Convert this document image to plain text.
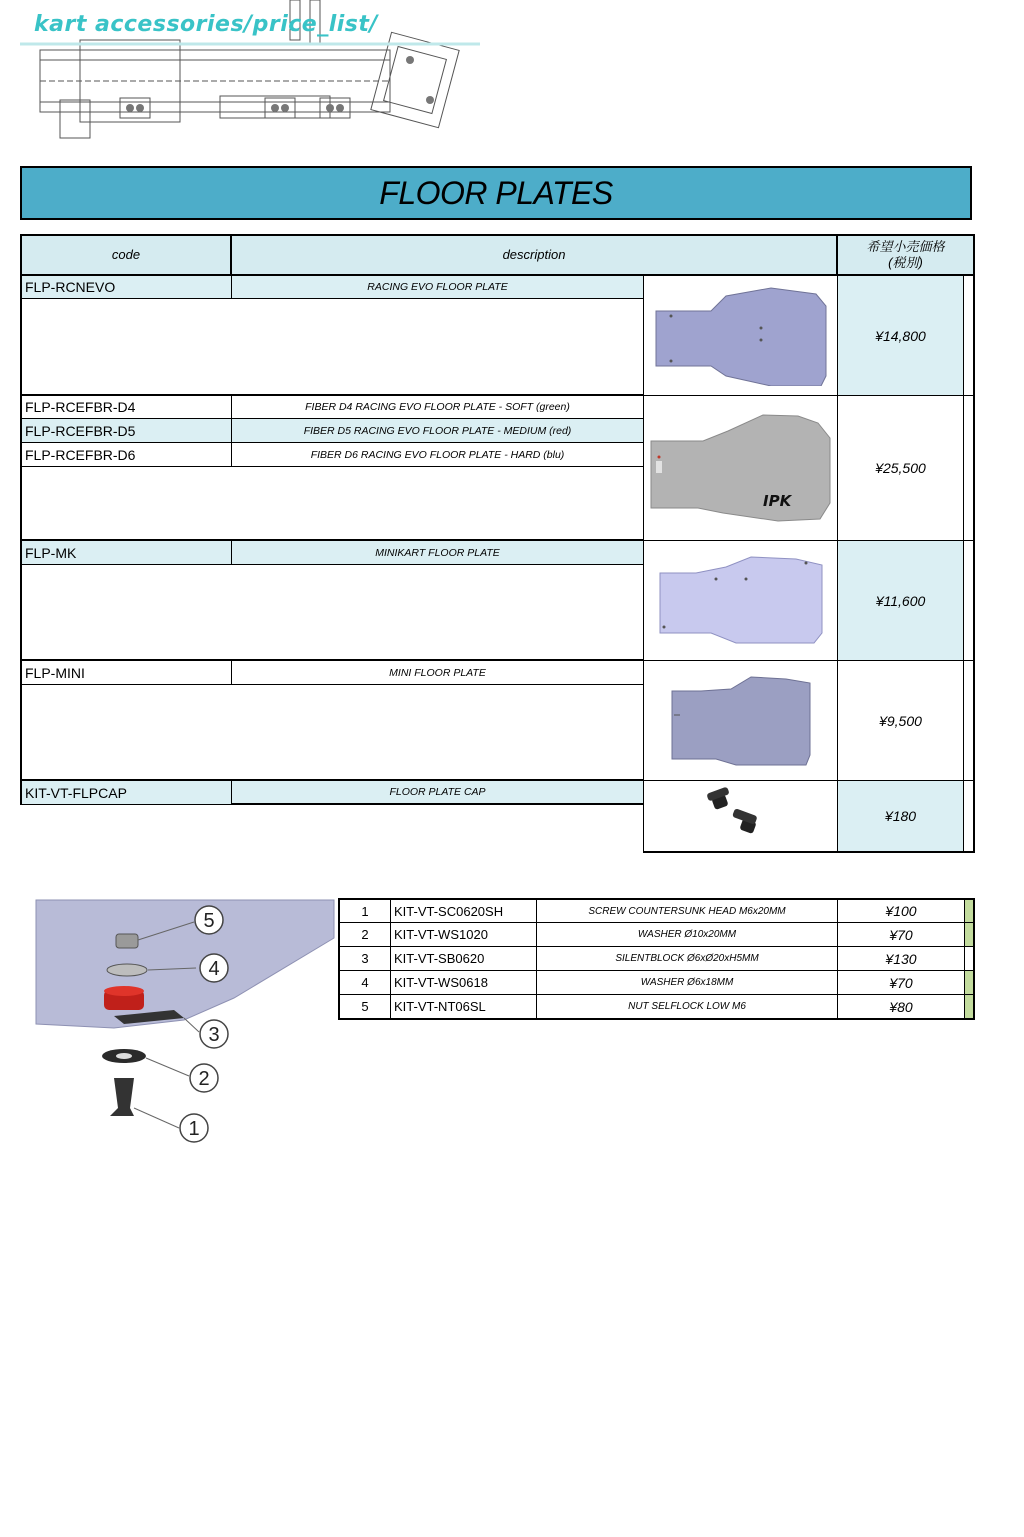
kart accessories/price_list/
FLOOR PLATES
code	description
希望小売価格
(税別)
FLP-RCNEVO	RACING EVO FLOOR PLATE
¥14,800
FLP-RCEFBR-D4	FIBER D4 RACING EVO FLOOR PLATE - SOFT (green)
FLP-RCEFBR-D5	FIBER D5 RACING EVO FLOOR PLATE - MEDIUM (red)
FLP-RCEFBR-D6	FIBER D6 RACING EVO FLOOR PLATE - HARD (blu)
IPK
¥25,500
FLP-MK	MINIKART FLOOR PLATE
¥11,600
FLP-MINI	MINI FLOOR PLATE
¥9,500
KIT-VT-FLPCAP	FLOOR PLATE CAP
¥180
5
4
3
2
1
1	KIT-VT-SC0620SH	SCREW COUNTERSUNK HEAD M6x20MM	¥100
2	KIT-VT-WS1020	WASHER Ø10x20MM	¥70
3	KIT-VT-SB0620	SILENTBLOCK Ø6xØ20xH5MM	¥130
4	KIT-VT-WS0618	WASHER Ø6x18MM	¥70
5	KIT-VT-NT06SL	NUT SELFLOCK LOW M6	¥80
